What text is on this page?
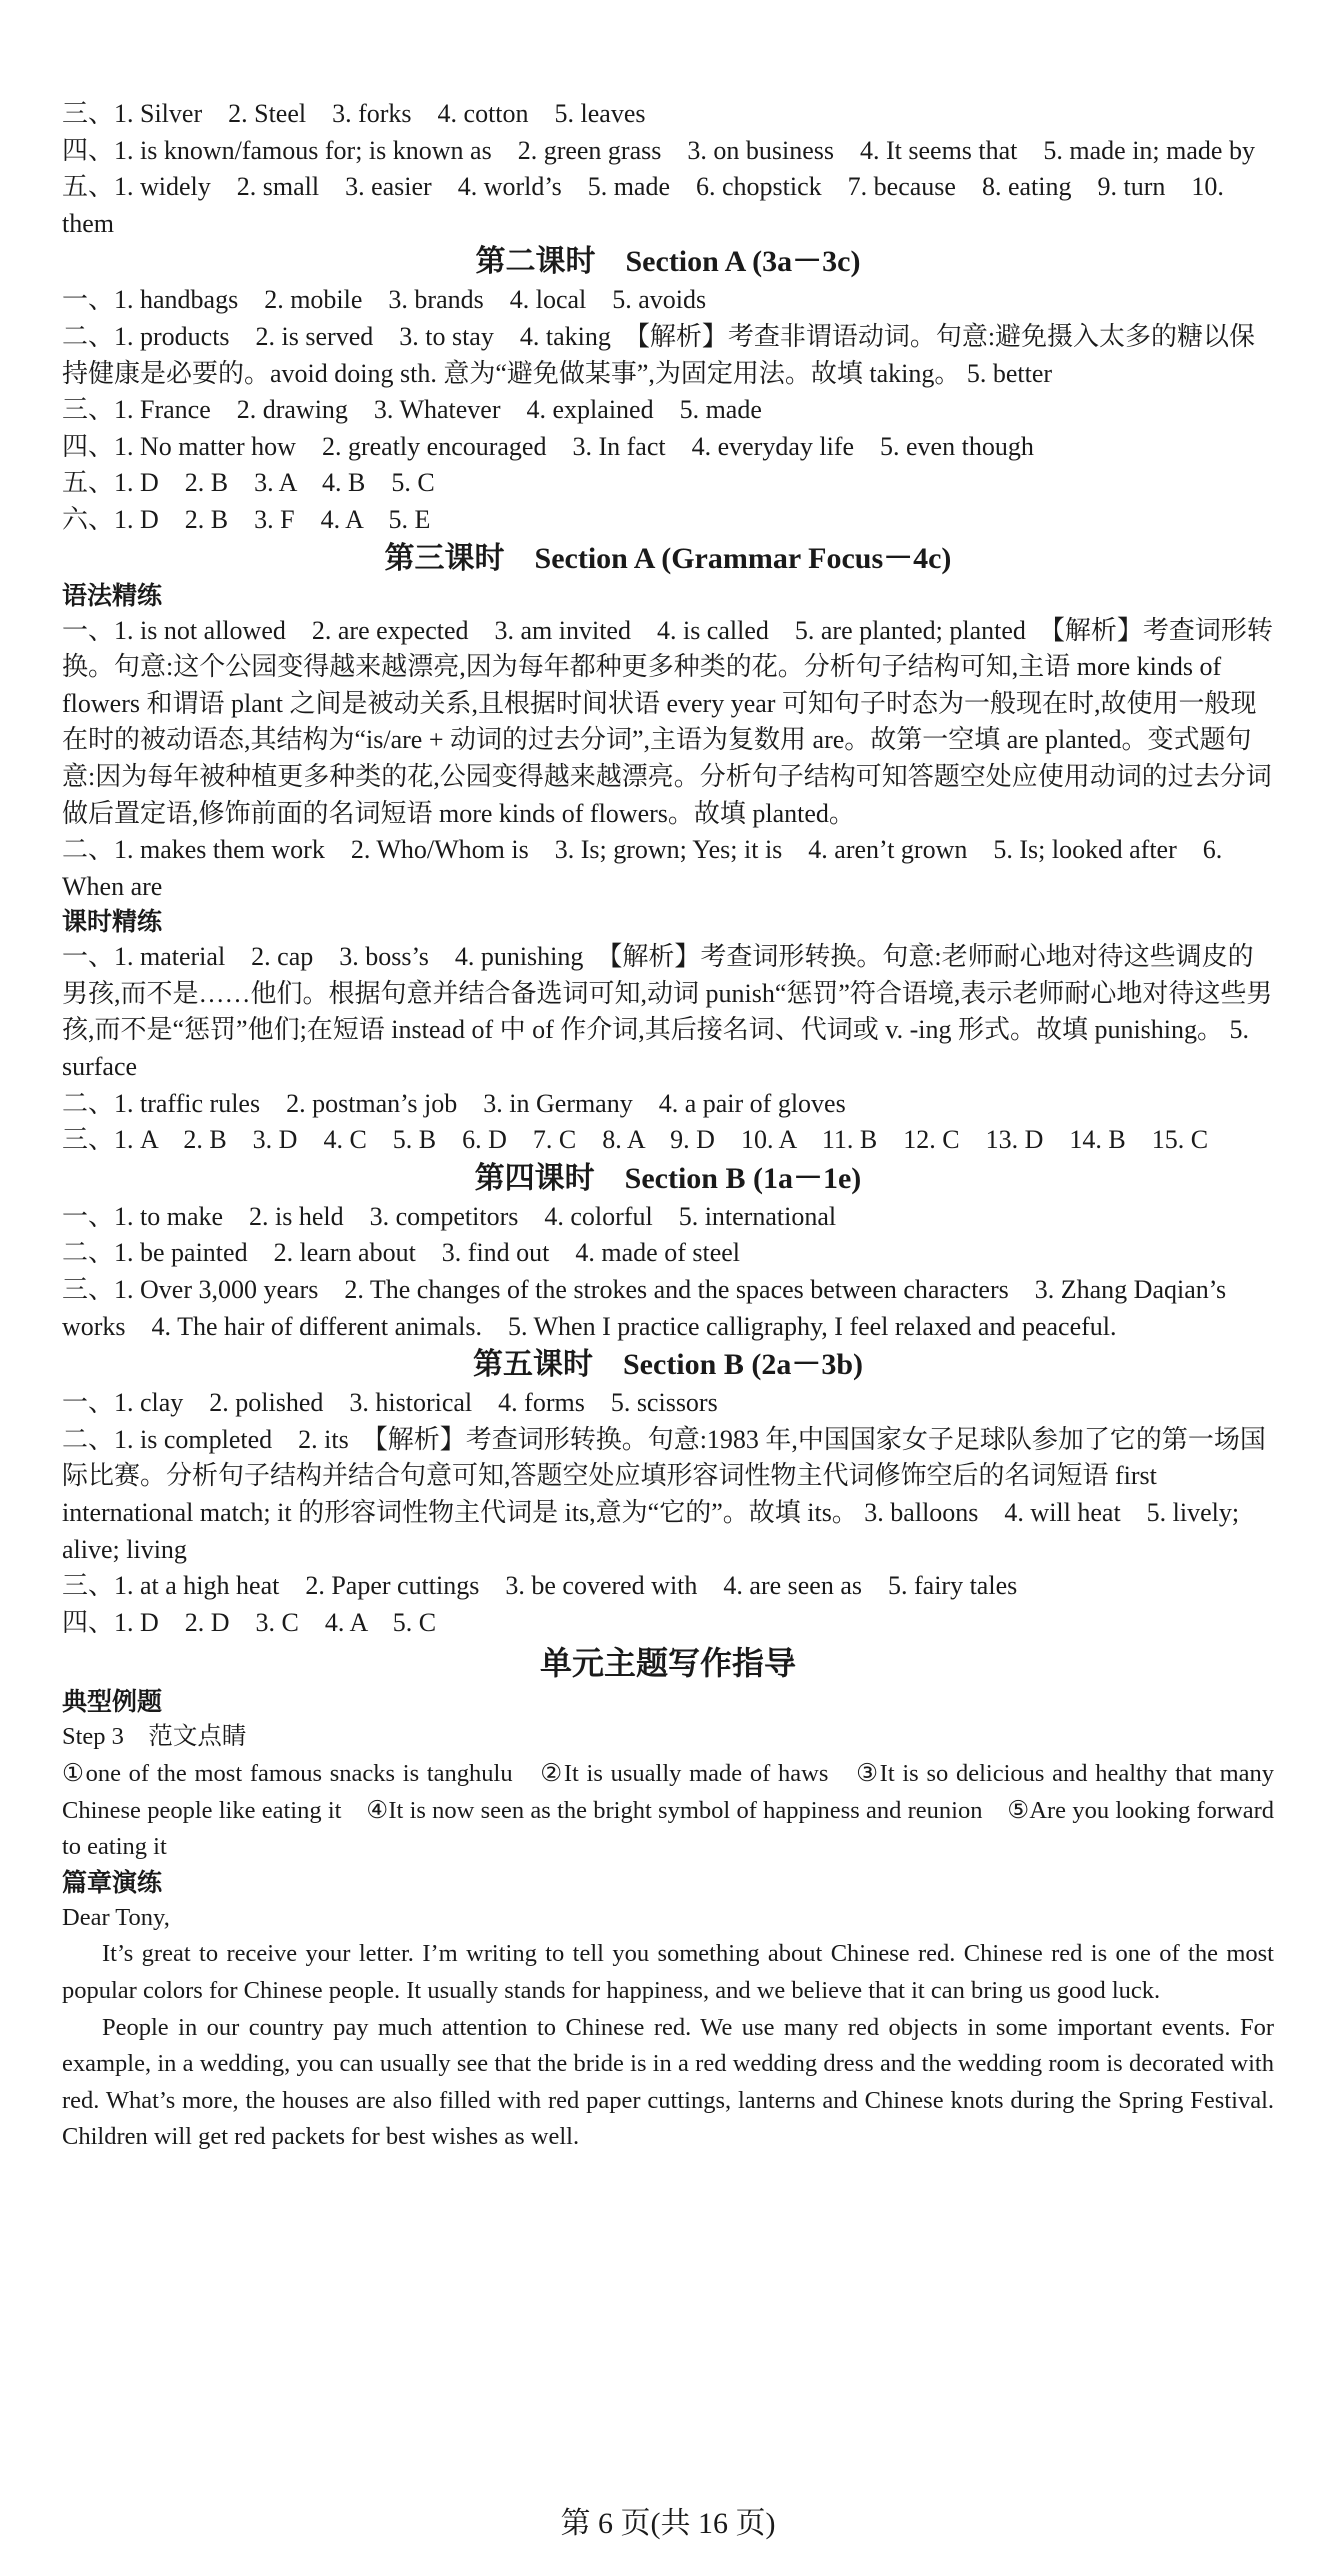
三、1. Silver　2. Steel　3. forks　4. cotton　5. leaves
四、1. is known/famous for; is known as　2. green grass　3. on business　4. It seems that　5. made in; made by
五、1. widely　2. small　3. easier　4. world’s　5. made　6. chopstick　7. because　8. eating　9. turn　10. them
第二课时　Section A (3a－3c)
一、1. handbags　2. mobile　3. brands　4. local　5. avoids
二、1. products　2. is served　3. to stay　4. taking　【解析】考查非谓语动词。句意:避免摄入太多的糖以保持健康是必要的。avoid doing sth. 意为“避免做某事”,为固定用法。故填 taking。 5. better
三、1. France　2. drawing　3. Whatever　4. explained　5. made
四、1. No matter how　2. greatly encouraged　3. In fact　4. everyday life　5. even though
五、1. D　2. B　3. A　4. B　5. C
六、1. D　2. B　3. F　4. A　5. E
第三课时　Section A (Grammar Focus－4c)
语法精练
一、1. is not allowed　2. are expected　3. am invited　4. is called　5. are planted; planted　【解析】考查词形转换。句意:这个公园变得越来越漂亮,因为每年都种更多种类的花。分析句子结构可知,主语 more kinds of flowers 和谓语 plant 之间是被动关系,且根据时间状语 every year 可知句子时态为一般现在时,故使用一般现在时的被动语态,其结构为“is/are + 动词的过去分词”,主语为复数用 are。故第一空填 are planted。变式题句意:因为每年被种植更多种类的花,公园变得越来越漂亮。分析句子结构可知答题空处应使用动词的过去分词做后置定语,修饰前面的名词短语 more kinds of flowers。故填 planted。
二、1. makes them work　2. Who/Whom is　3. Is; grown; Yes; it is　4. aren’t grown　5. Is; looked after　6. When are
课时精练
一、1. material　2. cap　3. boss’s　4. punishing　【解析】考查词形转换。句意:老师耐心地对待这些调皮的男孩,而不是……他们。根据句意并结合备选词可知,动词 punish“惩罚”符合语境,表示老师耐心地对待这些男孩,而不是“惩罚”他们;在短语 instead of 中 of 作介词,其后接名词、代词或 v. -ing 形式。故填 punishing。 5. surface
二、1. traffic rules　2. postman’s job　3. in Germany　4. a pair of gloves
三、1. A　2. B　3. D　4. C　5. B　6. D　7. C　8. A　9. D　10. A　11. B　12. C　13. D　14. B　15. C
第四课时　Section B (1a－1e)
一、1. to make　2. is held　3. competitors　4. colorful　5. international
二、1. be painted　2. learn about　3. find out　4. made of steel
三、1. Over 3,000 years　2. The changes of the strokes and the spaces between characters　3. Zhang Daqian’s works　4. The hair of different animals.　5. When I practice calligraphy, I feel relaxed and peaceful.
第五课时　Section B (2a－3b)
一、1. clay　2. polished　3. historical　4. forms　5. scissors
二、1. is completed　2. its　【解析】考查词形转换。句意:1983 年,中国国家女子足球队参加了它的第一场国际比赛。分析句子结构并结合句意可知,答题空处应填形容词性物主代词修饰空后的名词短语 first international match; it 的形容词性物主代词是 its,意为“它的”。故填 its。 3. balloons　4. will heat　5. lively; alive; living
三、1. at a high heat　2. Paper cuttings　3. be covered with　4. are seen as　5. fairy tales
四、1. D　2. D　3. C　4. A　5. C
单元主题写作指导
典型例题
Step 3　范文点睛
①one of the most famous snacks is tanghulu　②It is usually made of haws　③It is so delicious and healthy that many Chinese people like eating it　④It is now seen as the bright symbol of happiness and reunion　⑤Are you looking forward to eating it
篇章演练
Dear Tony,
It’s great to receive your letter. I’m writing to tell you something about Chinese red. Chinese red is one of the most popular colors for Chinese people. It usually stands for happiness, and we believe that it can bring us good luck.
People in our country pay much attention to Chinese red. We use many red objects in some important events. For example, in a wedding, you can usually see that the bride is in a red wedding dress and the wedding room is decorated with red. What’s more, the houses are also filled with red paper cuttings, lanterns and Chinese knots during the Spring Festival. Children will get red packets for best wishes as well.
第 6 页(共 16 页)
